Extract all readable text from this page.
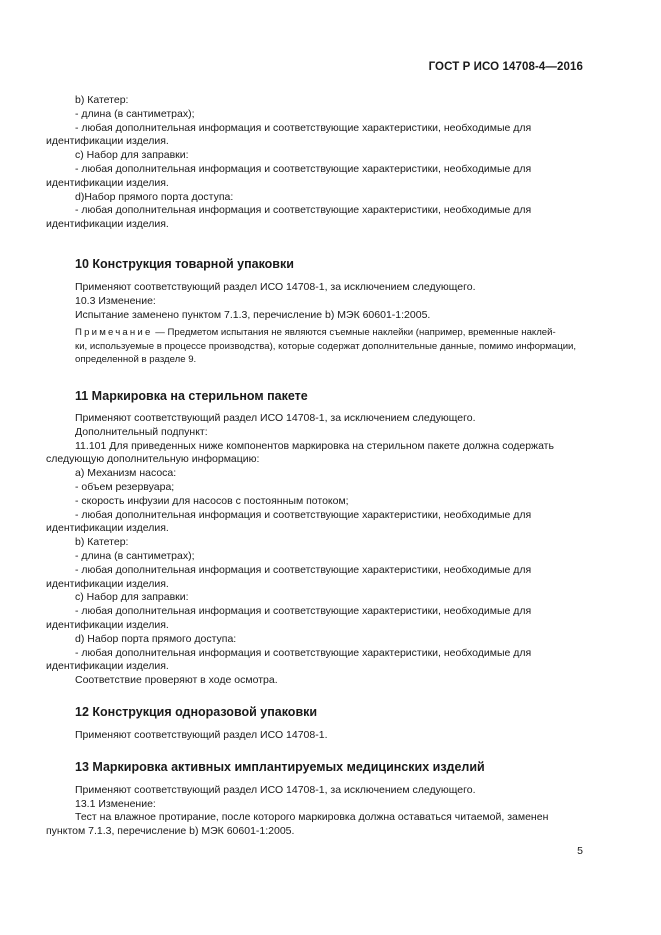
ГОСТ Р ИСО 14708-4—2016

b) Катетер:

- длина (в сантиметрах);

- любая дополнительная информация и соответствующие характеристики, необходимые для

идентификации изделия.

c) Набор для заправки:

- любая дополнительная информация и соответствующие характеристики, необходимые для

идентификации изделия.

d)Набор прямого порта доступа:

- любая дополнительная информация и соответствующие характеристики, необходимые для

идентификации изделия.

10 Конструкция товарной упаковки

Применяют соответствующий раздел ИСО 14708-1, за исключением следующего.

10.3 Изменение:

Испытание заменено пунктом 7.1.3, перечисление b) МЭК 60601-1:2005.

Примечание — Предметом испытания не являются съемные наклейки (например, временные наклей-

ки, используемые в процессе производства), которые содержат дополнительные данные, помимо информации,

определенной в разделе 9.

11 Маркировка на стерильном пакете

Применяют соответствующий раздел ИСО 14708-1, за исключением следующего.

Дополнительный подпункт:

11.101 Для приведенных ниже компонентов маркировка на стерильном пакете должна содержать

следующую дополнительную информацию:

a) Механизм насоса:

- объем резервуара;

- скорость инфузии для насосов с постоянным потоком;

- любая дополнительная информация и соответствующие характеристики, необходимые для

идентификации изделия.

b) Катетер:

- длина (в сантиметрах);

- любая дополнительная информация и соответствующие характеристики, необходимые для

идентификации изделия.

c) Набор для заправки:

- любая дополнительная информация и соответствующие характеристики, необходимые для

идентификации изделия.

d) Набор порта прямого доступа:

- любая дополнительная информация и соответствующие характеристики, необходимые для

идентификации изделия.

Соответствие проверяют в ходе осмотра.

12 Конструкция одноразовой упаковки

Применяют соответствующий раздел ИСО 14708-1.

13 Маркировка активных имплантируемых медицинских изделий

Применяют соответствующий раздел ИСО 14708-1, за исключением следующего.

13.1 Изменение:

Тест на влажное протирание, после которого маркировка должна оставаться читаемой, заменен

пунктом 7.1.3, перечисление b) МЭК 60601-1:2005.

5
